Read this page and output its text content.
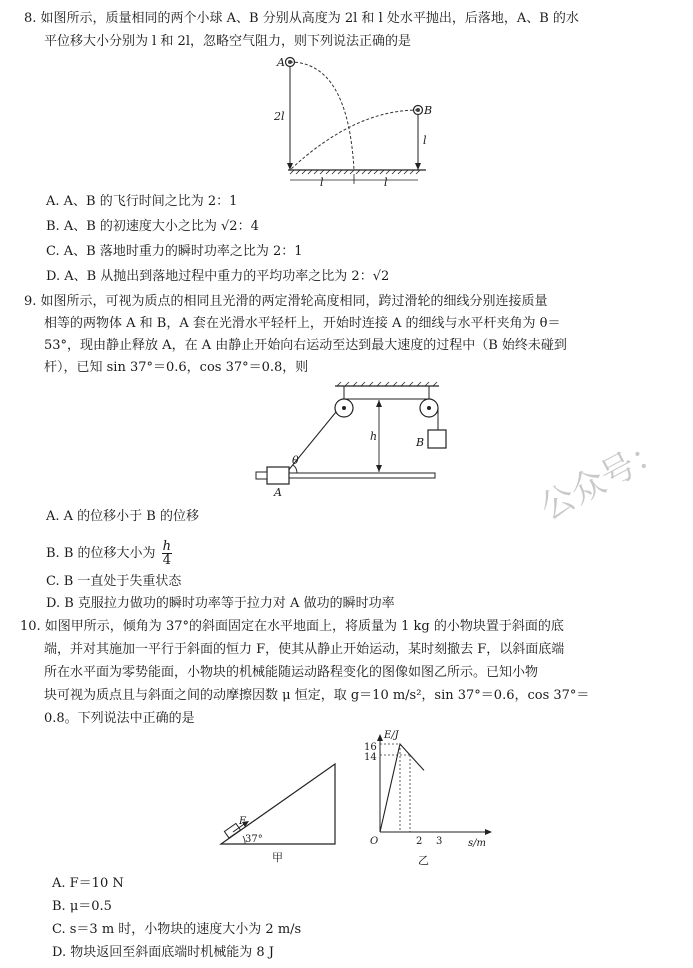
8. 如图所示，质量相同的两个小球 A、B 分别从高度为 2l 和 l 处水平抛出，后落地，A、B 的水
平位移大小分别为 l 和 2l，忽略空气阻力，则下列说法正确的是
A
B
2l
l
l	l
A. A、B 的飞行时间之比为 2：1
B. A、B 的初速度大小之比为 √2：4
C. A、B 落地时重力的瞬时功率之比为 2：1
D. A、B 从抛出到落地过程中重力的平均功率之比为 2：√2
9. 如图所示，可视为质点的相同且光滑的两定滑轮高度相同，跨过滑轮的细线分别连接质量
相等的两物体 A 和 B，A 套在光滑水平轻杆上，开始时连接 A 的细线与水平杆夹角为 θ＝
53°，现由静止释放 A，在 A 由静止开始向右运动至达到最大速度的过程中（B 始终未碰到
杆），已知 sin 37°＝0.6，cos 37°＝0.8，则
h	B
θ
A
A. A 的位移小于 B 的位移
B. B 的位移大小为 $\frac{h}{4}$
C. B 一直处于失重状态
D. B 克服拉力做功的瞬时功率等于拉力对 A 做功的瞬时功率
10. 如图甲所示，倾角为 37°的斜面固定在水平地面上，将质量为 1 kg 的小物块置于斜面的底
端，并对其施加一平行于斜面的恒力 F，使其从静止开始运动，某时刻撤去 F，以斜面底端
所在水平面为零势能面，小物块的机械能随运动路程变化的图像如图乙所示。已知小物
块可视为质点且与斜面之间的动摩擦因数 μ 恒定，取 g＝10 m/s²，sin 37°＝0.6，cos 37°＝
0.8。下列说法中正确的是
F
37°
甲
E/J
s/m
O
16
14
2 3
乙
A. F＝10 N
B. μ＝0.5
C. s＝3 m 时，小物块的速度大小为 2 m/s
D. 物块返回至斜面底端时机械能为 8 J
公众号：
